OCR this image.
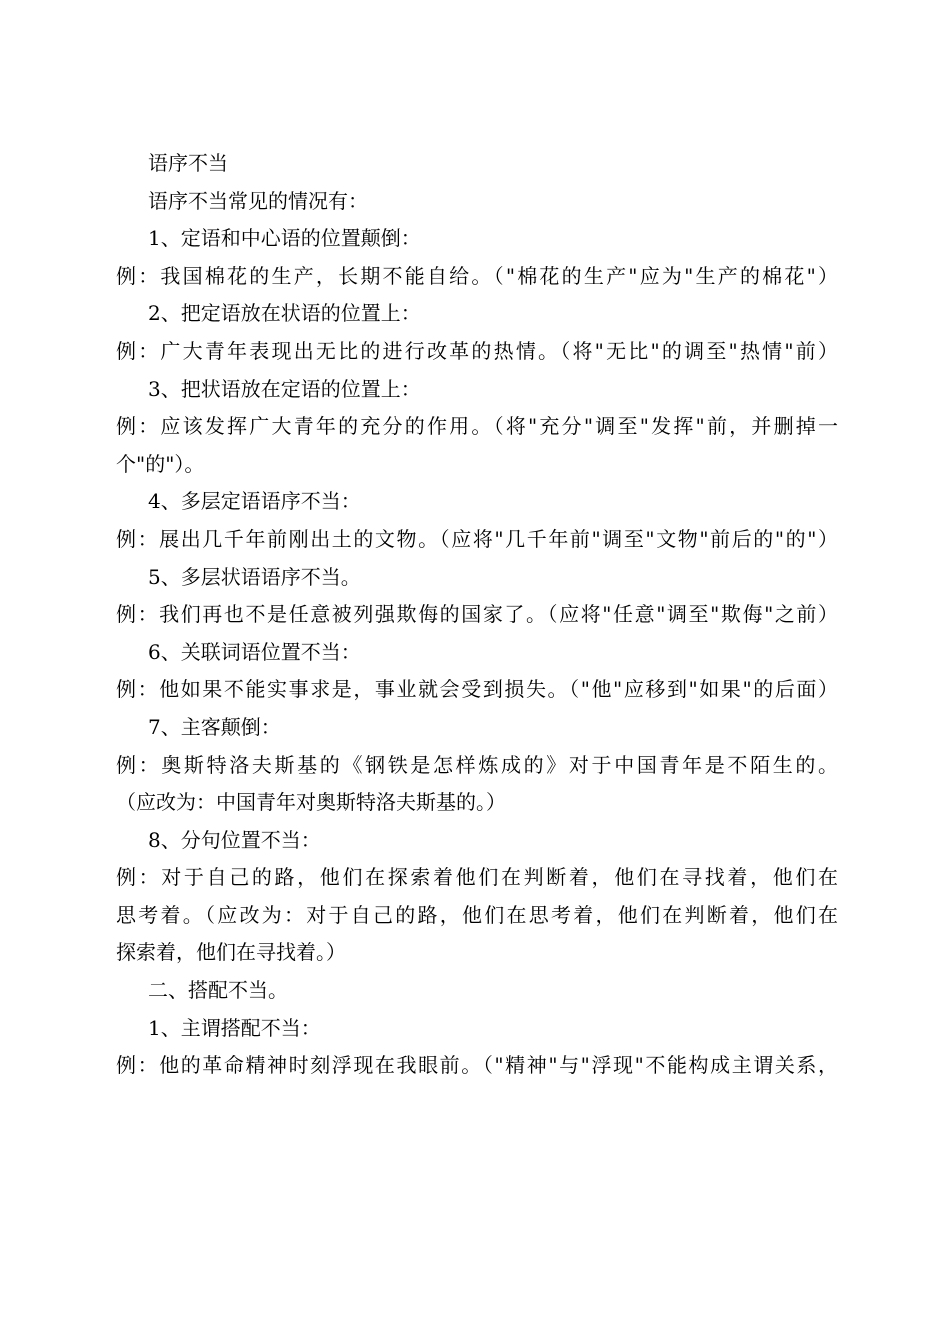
语序不当
语序不当常见的情况有：
1、定语和中心语的位置颠倒：
例：我国棉花的生产，长期不能自给。（"棉花的生产"应为"生产的棉花"）
2、把定语放在状语的位置上：
例：广大青年表现出无比的进行改革的热情。（将"无比"的调至"热情"前）
3、把状语放在定语的位置上：
例：应该发挥广大青年的充分的作用。（将"充分"调至"发挥"前，并删掉一
个"的"）。
4、多层定语语序不当：
例：展出几千年前刚出土的文物。（应将"几千年前"调至"文物"前后的"的"）
5、多层状语语序不当。
例：我们再也不是任意被列强欺侮的国家了。（应将"任意"调至"欺侮"之前）
6、关联词语位置不当：
例：他如果不能实事求是，事业就会受到损失。（"他"应移到"如果"的后面）
7、主客颠倒：
例：奥斯特洛夫斯基的《钢铁是怎样炼成的》对于中国青年是不陌生的。
（应改为：中国青年对奥斯特洛夫斯基的。）
8、分句位置不当：
例：对于自己的路，他们在探索着他们在判断着，他们在寻找着，他们在
思考着。（应改为：对于自己的路，他们在思考着，他们在判断着，他们在
探索着，他们在寻找着。）
二、搭配不当。
1、主谓搭配不当：
例：他的革命精神时刻浮现在我眼前。（"精神"与"浮现"不能构成主谓关系，
